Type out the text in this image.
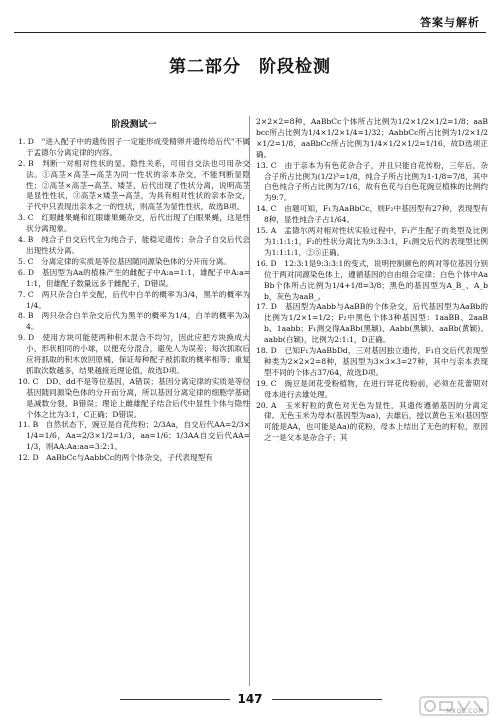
答案与解析
第二部分　阶段检测
阶段测试一

1. D　"进入配子中的遗传因子一定能形成受精卵并遗传给后代"不属于孟德尔分离定律的内容。

2. B　判断一对相对性状的显、隐性关系，可用自交法也可用杂交法。①高茎×高茎→高茎为同一性状的亲本杂交，不能判断显隐性；②高茎×高茎→高茎、矮茎，后代出现了性状分离，说明高茎是显性性状，③高茎×矮茎→高茎，为具有相对性状的亲本杂交，子代中只表现出亲本之一的性状，则高茎为显性性状，故选B项。

3. C　红眼雌果蝇和红眼雄果蝇杂交，后代出现了白眼果蝇，这是性状分离现象。

4. B　纯合子自交后代全为纯合子，能稳定遗传；杂合子自交后代会出现性状分离。

5. C　分离定律的实质是等位基因随同源染色体的分开而分离。

6. D　基因型为Aa的植株产生的雌配子中A:a=1:1，雄配子中A:a=1:1，但雄配子数量远多于雌配子，D错误。

7. C　两只杂合白羊交配，后代中白羊的概率为3/4，黑羊的概率为1/4。

8. B　两只杂合白羊杂交后代为黑羊的概率为1/4，白羊的概率为3/4。

9. D　使用方块可能使两种积木混合不均匀，因此应把方块换成大小、形状相同的小球，以便充分混合，避免人为误差；每次抓取后应将抓取的积木放回原桶，保证每种配子被抓取的概率相等；重复抓取次数越多，结果越接近理论值，故选D项。

10. C　DD、dd不是等位基因，A错误；基因分离定律的实质是等位基因随同源染色体的分开而分离，所以基因分离定律的细胞学基础是减数分裂，B错误；理论上雌雄配子结合后代中显性个体与隐性个体之比为3:1，C正确；D错误。

11. B　自然状态下，豌豆是自花传粉；2/3Aa，自交后代AA=2/3×1/4=1/6，Aa=2/3×1/2=1/3，aa=1/6；1/3AA自交后代AA=1/3，则AA:Aa:aa=3:2:1。

12. D　AaBbCc与AabbCc的两个体杂交，子代表现型有

2×2×2=8种，AaBbCc个体所占比例为1/2×1/2×1/2=1/8；aaBbcc所占比例为1/4×1/2×1/4=1/32；AabbCc所占比例为1/2×1/2×1/2=1/8，aaBbCc所占比例为1/4×1/2×1/2=1/16，故D选项正确。

13. C　由于亲本为有色花杂合子，并且只能自花传粉，三年后，杂合子所占比例为(1/2)³=1/8，纯合子所占比例为1-1/8=7/8，其中白色纯合子所占比例为7/16，故有色花与白色花豌豆植株的比例约为9:7。

14. C　由题可知，F₁为AaBbCc，则F₂中基因型有27种，表现型有8种，显性纯合子占1/64。

15. A　孟德尔两对相对性状实验过程中，F₁产生配子的类型及比例为1:1:1:1，F₂的性状分离比为9:3:3:1，F₁测交后代的表现型比例为1:1:1:1，②⑤正确。

16. D　12:3:1是9:3:3:1的变式，说明控制颜色的两对等位基因分别位于两对同源染色体上，遵循基因的自由组合定律；白色个体中AaBb个体所占比例为1/4+1/8=3/8；黑色的基因型为A_B_、A_bb，灰色为aaB_。

17. D　基因型为Aabb与AaBB的个体杂交，后代基因型为AaBb的比例为1/2×1=1/2；F₂中黑色个体3种基因型：1aaBB、2aaBb、1aabb；F₁测交得AaBb(黑颖)、Aabb(黑颖)、aaBb(黄颖)、aabb(白颖)，比例为2:1:1，D正确。

18. D　已知F₁为AaBbDd，三对基因独立遗传，F₁自交后代表现型种类为2×2×2=8种，基因型为3×3×3=27种，其中与亲本表现型不同的个体占37/64，故选D项。

19. C　豌豆是闭花受粉植物，在进行异花传粉前，必须在花蕾期对母本进行去雄处理。

20. A　玉米籽粒的黄色对无色为显性，其遗传遵循基因的分离定律。无色玉米为母本(基因型为aa)，去雄后，授以黄色玉米(基因型可能是AA，也可能是Aa)的花粉，母本上结出了无色的籽粒，原因之一是父本是杂合子；其

147
MXQE.COM
